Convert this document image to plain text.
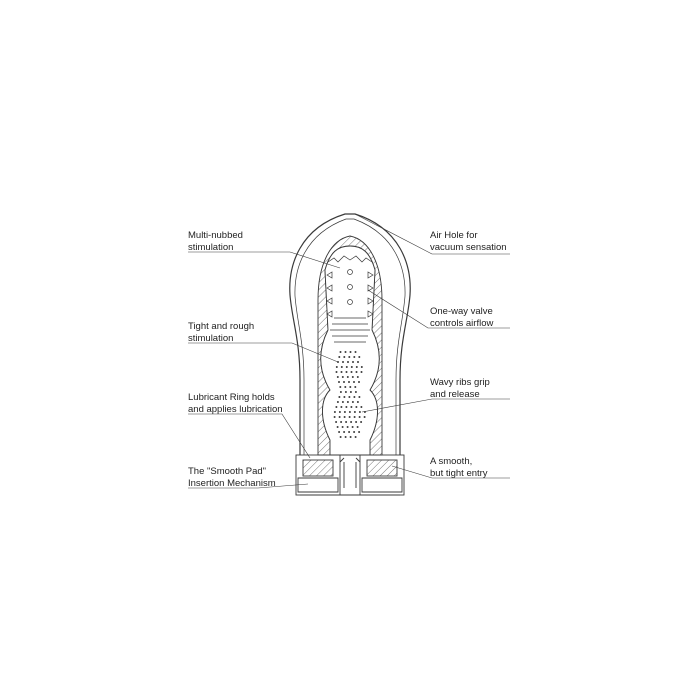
Multi-nubbed
stimulation
Tight and rough
stimulation
Lubricant Ring holds
and applies lubrication
The "Smooth Pad"
Insertion Mechanism
Air Hole for
vacuum sensation
One-way valve
controls airflow
Wavy ribs grip
and release
A smooth,
but tight entry
